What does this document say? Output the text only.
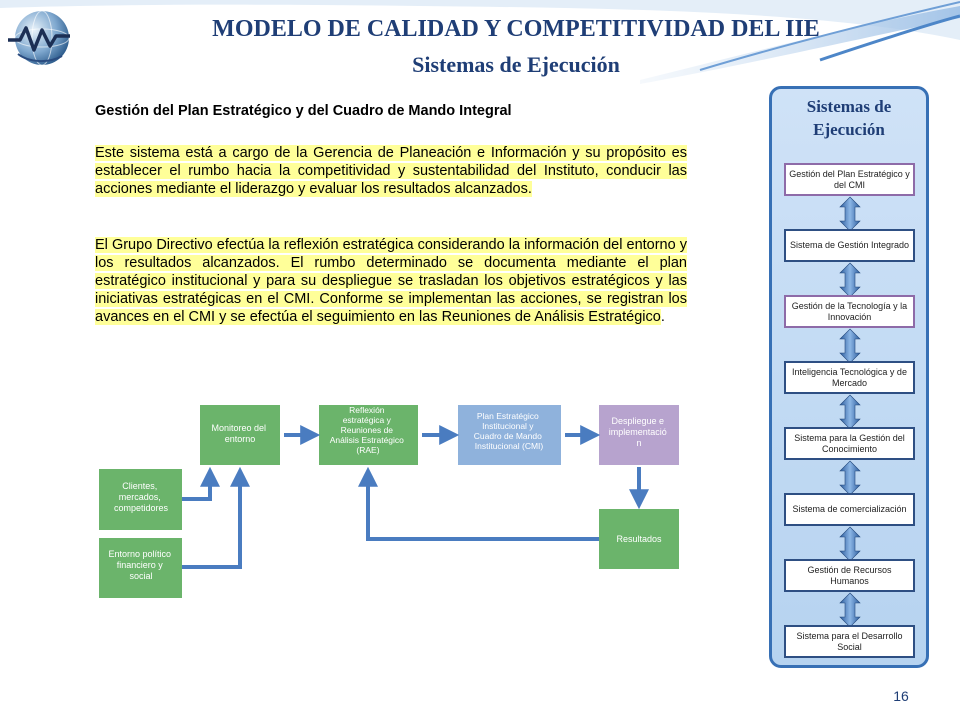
MODELO DE CALIDAD Y COMPETITIVIDAD DEL IIE
Sistemas de Ejecución
Gestión del Plan Estratégico y del Cuadro de Mando Integral
Este sistema está a cargo de la Gerencia de Planeación e Información y su propósito es establecer el rumbo hacia la competitividad y sustentabilidad del Instituto, conducir las acciones mediante el liderazgo y evaluar los resultados alcanzados.
El Grupo Directivo efectúa la reflexión estratégica considerando la información del entorno y los resultados alcanzados. El rumbo determinado se documenta mediante el plan estratégico institucional y para su despliegue se trasladan los objetivos estratégicos y las iniciativas estratégicas en el CMI. Conforme se implementan las acciones, se registran los avances en el CMI y se efectúa el seguimiento en las Reuniones de Análisis Estratégico.
Clientes, mercados, competidores
Entorno político financiero y social
Monitoreo del entorno
Reflexión estratégica y Reuniones de Análisis Estratégico (RAE)
Plan Estratégico Institucional y Cuadro de Mando Institucional (CMI)
Despliegue e implementació n
Resultados
Sistemas de
Ejecución
Gestión del Plan Estratégico y del CMI
Sistema de Gestión Integrado
Gestión de la Tecnología y la Innovación
Inteligencia Tecnológica y de Mercado
Sistema para la Gestión del Conocimiento
Sistema de comercialización
Gestión de Recursos Humanos
Sistema para el Desarrollo Social
16
